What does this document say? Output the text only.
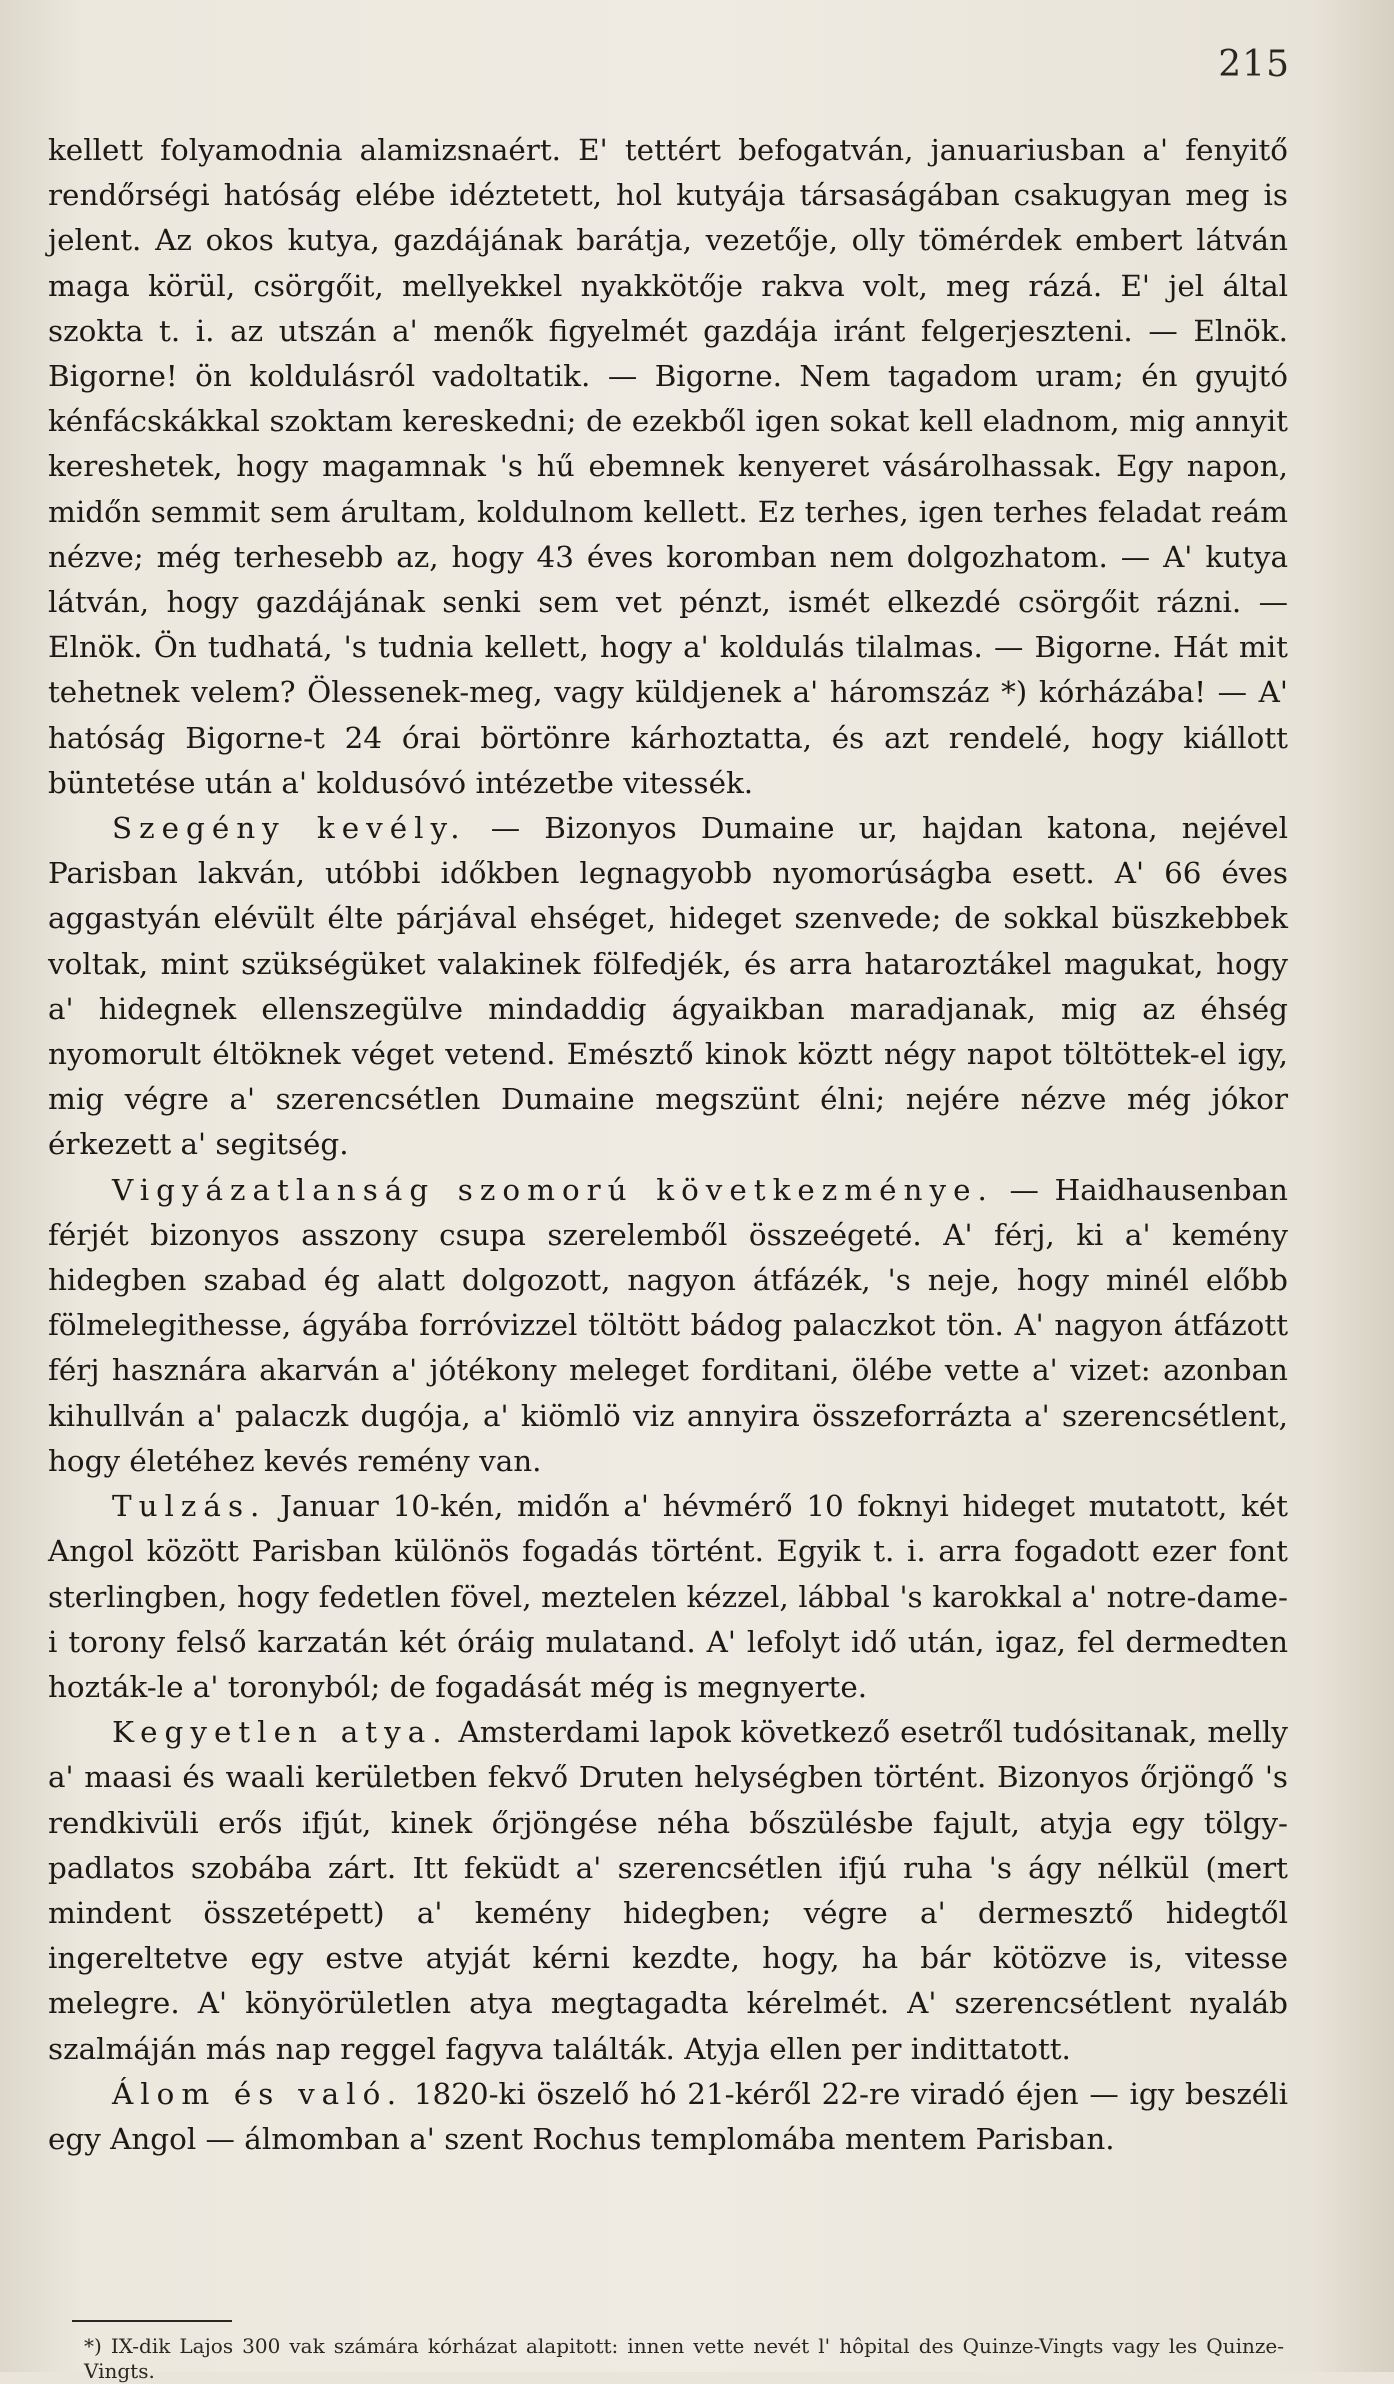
215

kellett folyamodnia alamizsnaért. E' tettért befogatván, januariusban a' fenyitő rendőrségi hatóság elébe idéztetett, hol kutyája társaságában csakugyan meg is jelent. Az okos kutya, gazdájának barátja, vezetője, olly tömérdek embert látván maga körül, csörgőit, mellyekkel nyakkötője rakva volt, meg rázá. E' jel által szokta t. i. az utszán a' menők figyelmét gazdája iránt felgerjeszteni. — Elnök. Bigorne! ön koldulásról vadoltatik. — Bigorne. Nem tagadom uram; én gyujtó kénfácskákkal szoktam kereskedni; de ezekből igen sokat kell eladnom, mig annyit kereshetek, hogy magamnak 's hű ebemnek kenyeret vásárolhassak. Egy napon, midőn semmit sem árultam, koldulnom kellett. Ez terhes, igen terhes feladat reám nézve; még terhesebb az, hogy 43 éves koromban nem dolgozhatom. — A' kutya látván, hogy gazdájának senki sem vet pénzt, ismét elkezdé csörgőit rázni. — Elnök. Ön tudhatá, 's tudnia kellett, hogy a' koldulás tilalmas. — Bigorne. Hát mit tehetnek velem? Ölessenek-meg, vagy küldjenek a' háromszáz *) kórházába! — A' hatóság Bigorne-t 24 órai börtönre kárhoztatta, és azt rendelé, hogy kiállott büntetése után a' koldusóvó intézetbe vitessék.

Szegény kevély. — Bizonyos Dumaine ur, hajdan katona, nejével Parisban lakván, utóbbi időkben legnagyobb nyomorúságba esett. A' 66 éves aggastyán elévült élte párjával ehséget, hideget szenvede; de sokkal büszkebbek voltak, mint szükségüket valakinek fölfedjék, és arra hataroztákel magukat, hogy a' hidegnek ellenszegülve mindaddig ágyaikban maradjanak, mig az éhség nyomorult éltöknek véget vetend. Emésztő kinok köztt négy napot töltöttek-el igy, mig végre a' szerencsétlen Dumaine megszünt élni; nejére nézve még jókor érkezett a' segitség.

Vigyázatlanság szomorú következménye. — Haidhausenban férjét bizonyos asszony csupa szerelemből összeégeté. A' férj, ki a' kemény hidegben szabad ég alatt dolgozott, nagyon átfázék, 's neje, hogy minél előbb fölmelegithesse, ágyába forróvizzel töltött bádog palaczkot tön. A' nagyon átfázott férj hasznára akarván a' jótékony meleget forditani, ölébe vette a' vizet: azonban kihullván a' palaczk dugója, a' kiömlö viz annyira összeforrázta a' szerencsétlent, hogy életéhez kevés remény van.

Tulzás. Januar 10-kén, midőn a' hévmérő 10 foknyi hideget mutatott, két Angol között Parisban különös fogadás történt. Egyik t. i. arra fogadott ezer font sterlingben, hogy fedetlen fövel, meztelen kézzel, lábbal 's karokkal a' notre-dame-i torony felső karzatán két óráig mulatand. A' lefolyt idő után, igaz, fel dermedten hozták-le a' toronyból; de fogadását még is megnyerte.

Kegyetlen atya. Amsterdami lapok következő esetről tudósitanak, melly a' maasi és waali kerületben fekvő Druten helységben történt. Bizonyos őrjöngő 's rendkivüli erős ifjút, kinek őrjöngése néha bőszülésbe fajult, atyja egy tölgy-padlatos szobába zárt. Itt feküdt a' szerencsétlen ifjú ruha 's ágy nélkül (mert mindent összetépett) a' kemény hidegben; végre a' dermesztő hidegtől ingereltetve egy estve atyját kérni kezdte, hogy, ha bár kötözve is, vitesse melegre. A' könyörületlen atya megtagadta kérelmét. A' szerencsétlent nyaláb szalmáján más nap reggel fagyva találták. Atyja ellen per indittatott.

Álom és való. 1820-ki öszelő hó 21-kéről 22-re viradó éjen — igy beszéli egy Angol — álmomban a' szent Rochus templomába mentem Parisban.

*) IX-dik Lajos 300 vak számára kórházat alapitott: innen vette nevét l' hôpital des Quinze-Vingts vagy les Quinze-Vingts.
